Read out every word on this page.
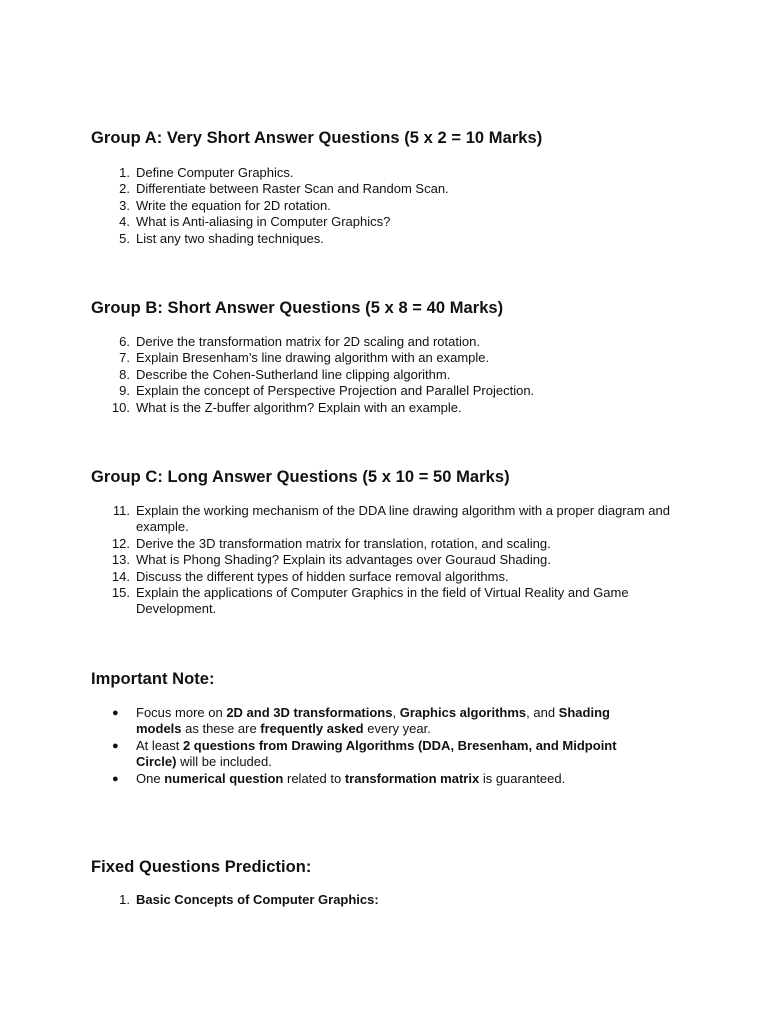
Group A: Very Short Answer Questions (5 x 2 = 10 Marks)
1. Define Computer Graphics.
2. Differentiate between Raster Scan and Random Scan.
3. Write the equation for 2D rotation.
4. What is Anti-aliasing in Computer Graphics?
5. List any two shading techniques.
Group B: Short Answer Questions (5 x 8 = 40 Marks)
6. Derive the transformation matrix for 2D scaling and rotation.
7. Explain Bresenham’s line drawing algorithm with an example.
8. Describe the Cohen-Sutherland line clipping algorithm.
9. Explain the concept of Perspective Projection and Parallel Projection.
10. What is the Z-buffer algorithm? Explain with an example.
Group C: Long Answer Questions (5 x 10 = 50 Marks)
11. Explain the working mechanism of the DDA line drawing algorithm with a proper diagram and example.
12. Derive the 3D transformation matrix for translation, rotation, and scaling.
13. What is Phong Shading? Explain its advantages over Gouraud Shading.
14. Discuss the different types of hidden surface removal algorithms.
15. Explain the applications of Computer Graphics in the field of Virtual Reality and Game Development.
Important Note:
● Focus more on 2D and 3D transformations, Graphics algorithms, and Shading models as these are frequently asked every year.
● At least 2 questions from Drawing Algorithms (DDA, Bresenham, and Midpoint Circle) will be included.
● One numerical question related to transformation matrix is guaranteed.
Fixed Questions Prediction:
1. Basic Concepts of Computer Graphics:
